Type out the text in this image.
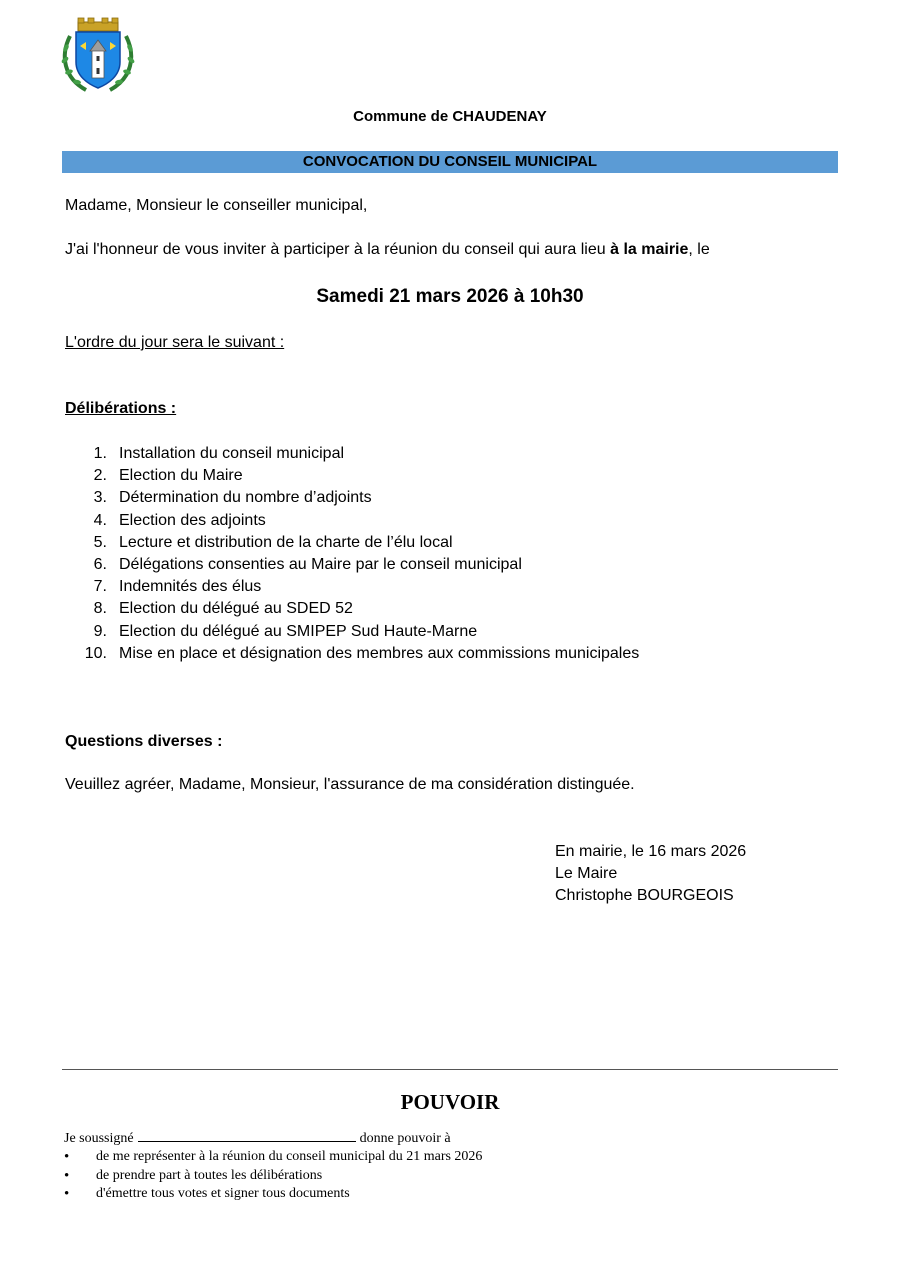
Commune de CHAUDENAY
CONVOCATION DU CONSEIL MUNICIPAL
Madame, Monsieur le conseiller municipal,
J'ai l'honneur de vous inviter à participer à la réunion du conseil qui aura lieu à la mairie, le
Samedi 21 mars 2026 à 10h30
L'ordre du jour sera le suivant :
Délibérations :
1. Installation du conseil municipal
2. Election du Maire
3. Détermination du nombre d’adjoints
4. Election des adjoints
5. Lecture et distribution de la charte de l’élu local
6. Délégations consenties au Maire par le conseil municipal
7. Indemnités des élus
8. Election du délégué au SDED 52
9. Election du délégué au SMIPEP Sud Haute-Marne
10. Mise en place et désignation des membres aux commissions municipales
Questions diverses :
Veuillez agréer, Madame, Monsieur, l'assurance de ma considération distinguée.
En mairie, le 16 mars 2026
Le Maire
Christophe BOURGEOIS
POUVOIR
Je soussigné	donne pouvoir à
• de me représenter à la réunion du conseil municipal du 21 mars 2026
• de prendre part à toutes les délibérations
• d'émettre tous votes et signer tous documents
